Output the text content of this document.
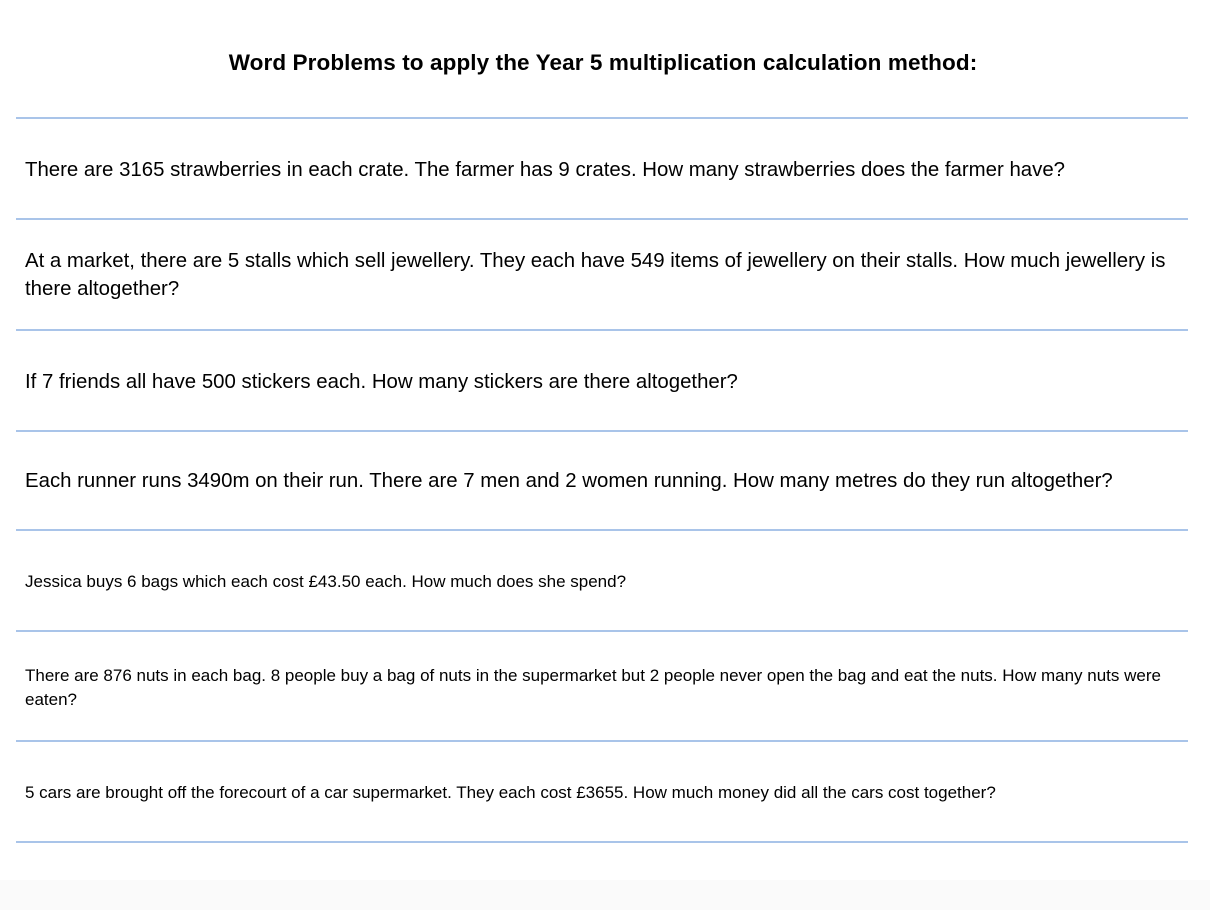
Word Problems to apply the Year 5 multiplication calculation method:

There are 3165 strawberries in each crate. The farmer has 9 crates. How many strawberries does the farmer have?

At a market, there are 5 stalls which sell jewellery. They each have 549 items of jewellery on their stalls. How much jewellery is there altogether?

If 7 friends all have 500 stickers each. How many stickers are there altogether?

Each runner runs 3490m on their run. There are 7 men and 2 women running. How many metres do they run altogether?

Jessica buys 6 bags which each cost £43.50 each. How much does she spend?

There are 876 nuts in each bag. 8 people buy a bag of nuts in the supermarket but 2 people never open the bag and eat the nuts. How many nuts were eaten?

5 cars are brought off the forecourt of a car supermarket. They each cost £3655. How much money did all the cars cost together?
